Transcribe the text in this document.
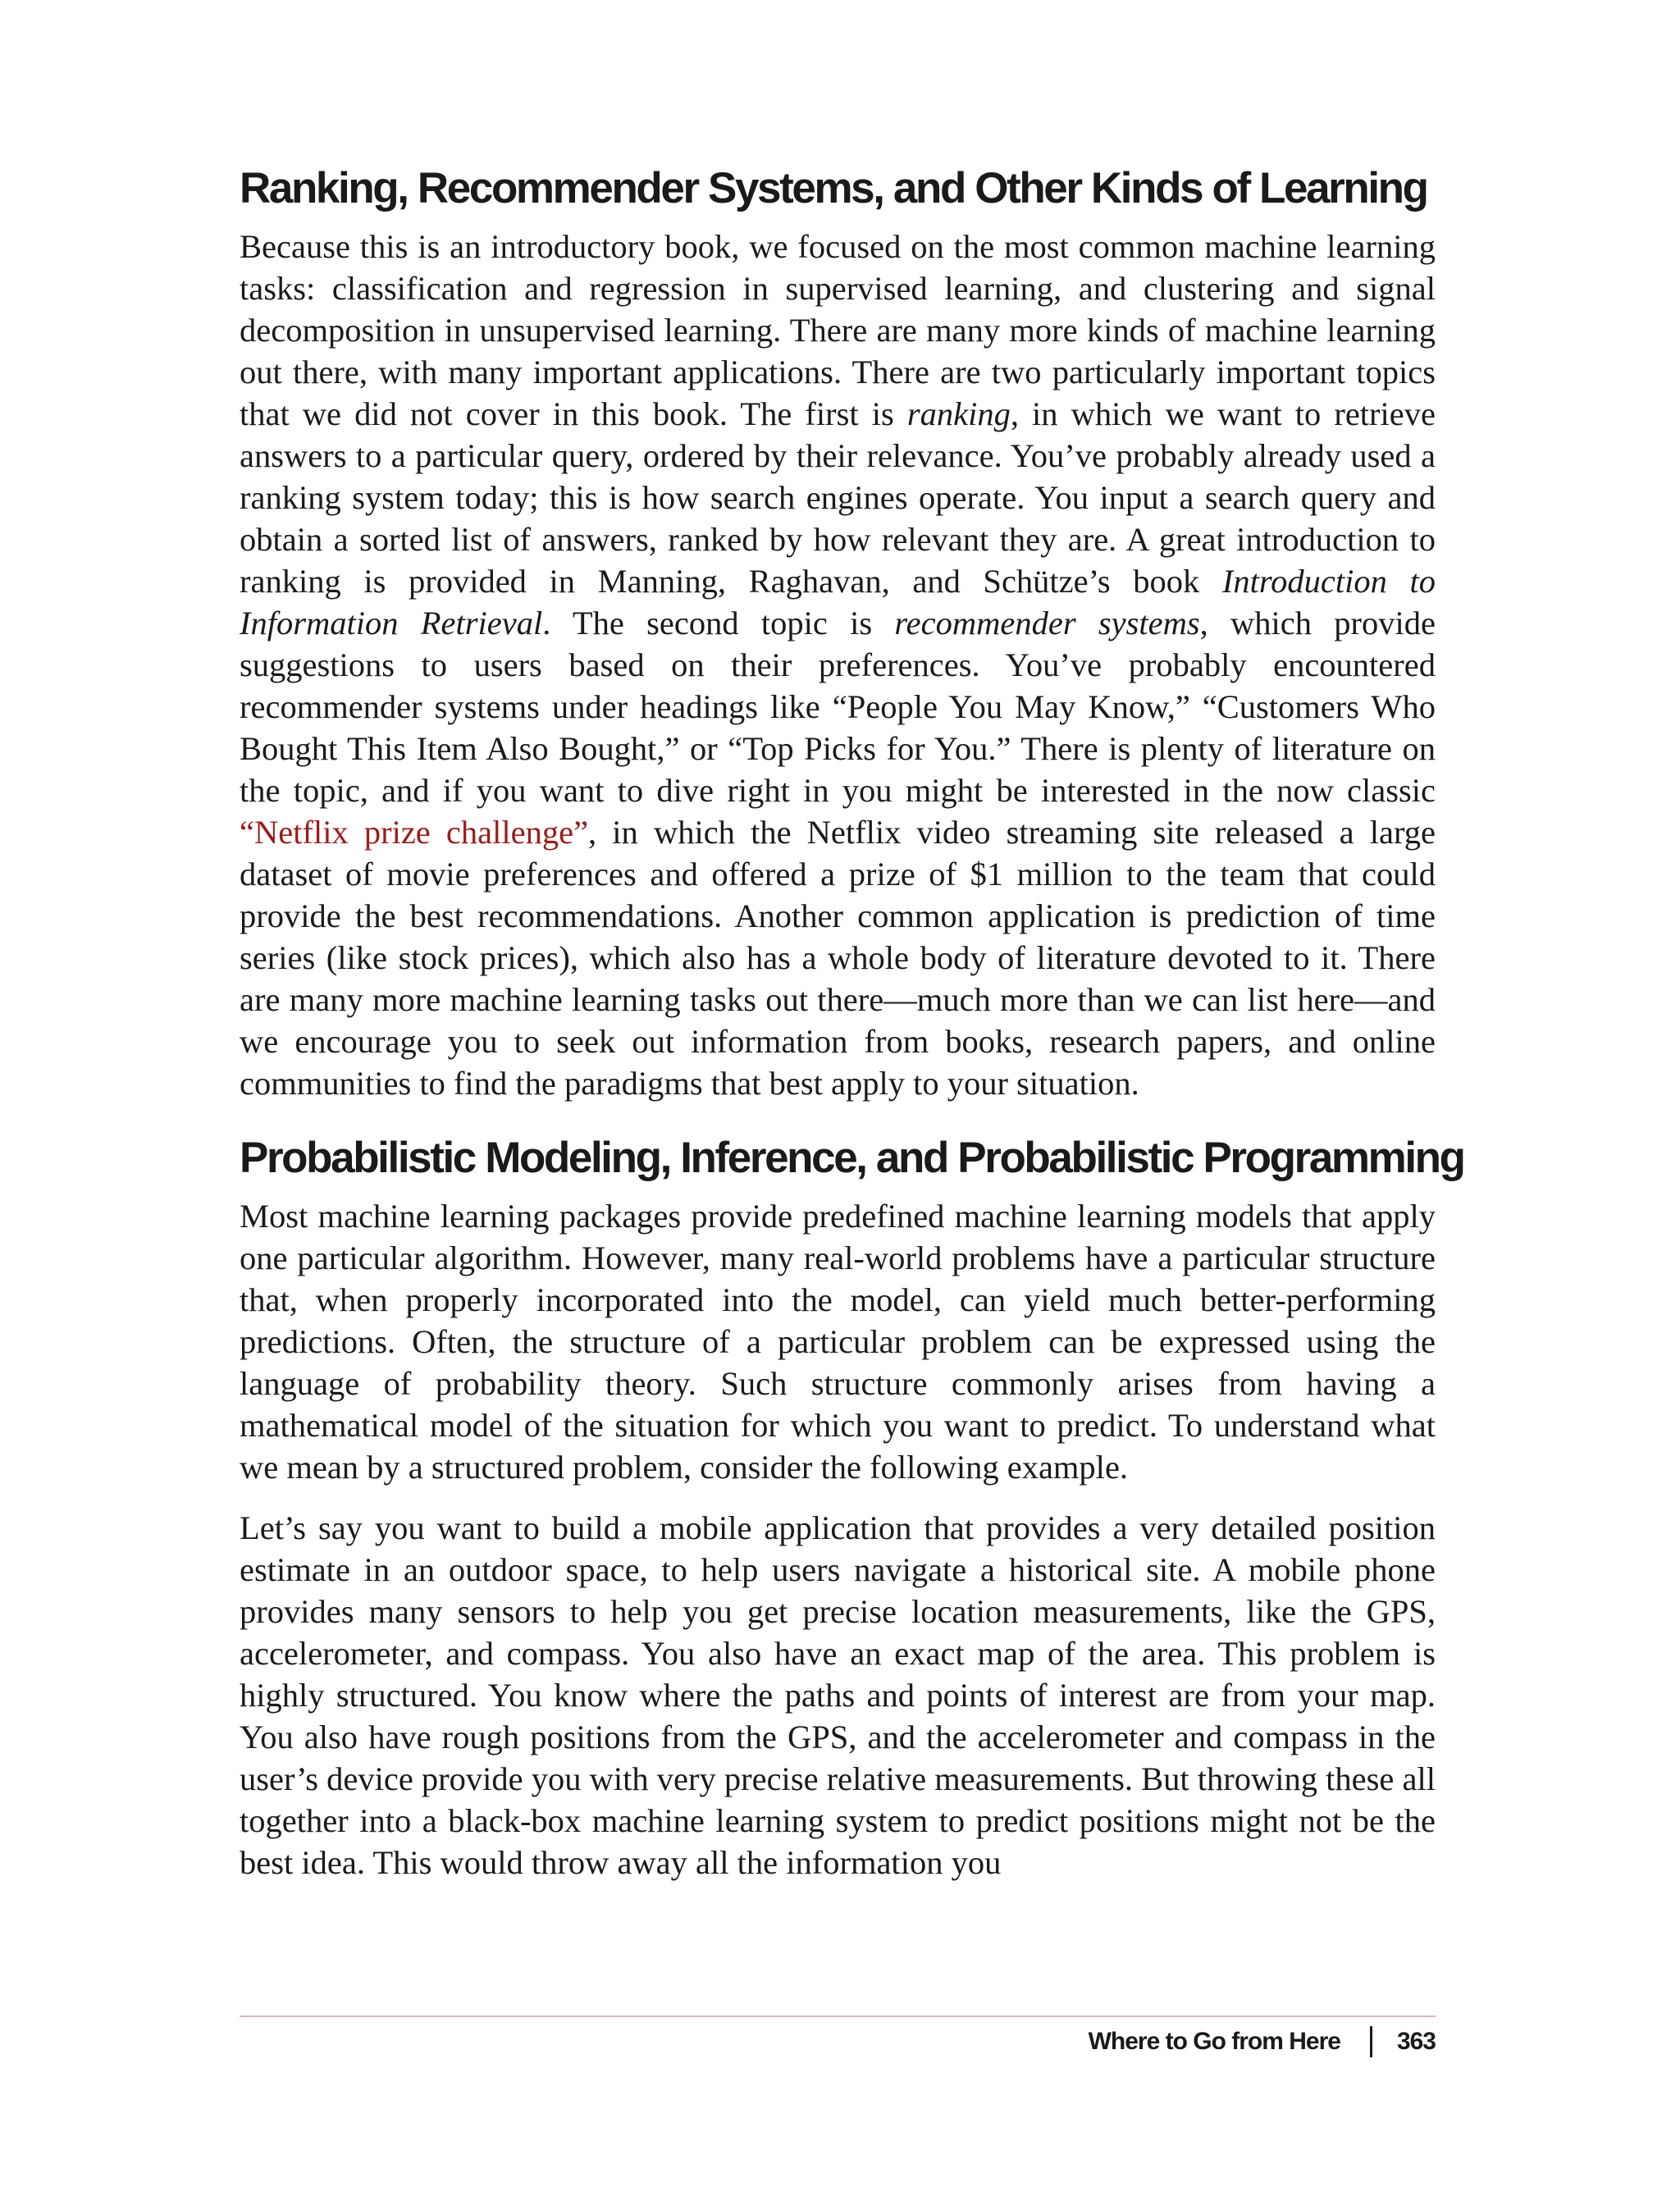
Ranking, Recommender Systems, and Other Kinds of Learning

Because this is an introductory book, we focused on the most common machine learning tasks: classification and regression in supervised learning, and clustering and signal decomposition in unsupervised learning. There are many more kinds of machine learning out there, with many important applications. There are two particularly important topics that we did not cover in this book. The first is ranking, in which we want to retrieve answers to a particular query, ordered by their relevance. You’ve probably already used a ranking system today; this is how search engines operate. You input a search query and obtain a sorted list of answers, ranked by how relevant they are. A great introduction to ranking is provided in Manning, Raghavan, and Schütze’s book Introduction to Information Retrieval. The second topic is recommender systems, which provide suggestions to users based on their preferences. You’ve probably encountered recommender systems under headings like “People You May Know,” “Customers Who Bought This Item Also Bought,” or “Top Picks for You.” There is plenty of literature on the topic, and if you want to dive right in you might be interested in the now classic “Netflix prize challenge”, in which the Netflix video streaming site released a large dataset of movie preferences and offered a prize of $1 million to the team that could provide the best recommendations. Another common application is prediction of time series (like stock prices), which also has a whole body of literature devoted to it. There are many more machine learning tasks out there—much more than we can list here—and we encourage you to seek out information from books, research papers, and online communities to find the paradigms that best apply to your situation.

Probabilistic Modeling, Inference, and Probabilistic Programming

Most machine learning packages provide predefined machine learning models that apply one particular algorithm. However, many real-world problems have a particular structure that, when properly incorporated into the model, can yield much better-performing predictions. Often, the structure of a particular problem can be expressed using the language of probability theory. Such structure commonly arises from having a mathematical model of the situation for which you want to predict. To understand what we mean by a structured problem, consider the following example.

Let’s say you want to build a mobile application that provides a very detailed position estimate in an outdoor space, to help users navigate a historical site. A mobile phone provides many sensors to help you get precise location measurements, like the GPS, accelerometer, and compass. You also have an exact map of the area. This problem is highly structured. You know where the paths and points of interest are from your map. You also have rough positions from the GPS, and the accelerometer and compass in the user’s device provide you with very precise relative measurements. But throwing these all together into a black-box machine learning system to predict positions might not be the best idea. This would throw away all the information you

Where to Go from Here 363
